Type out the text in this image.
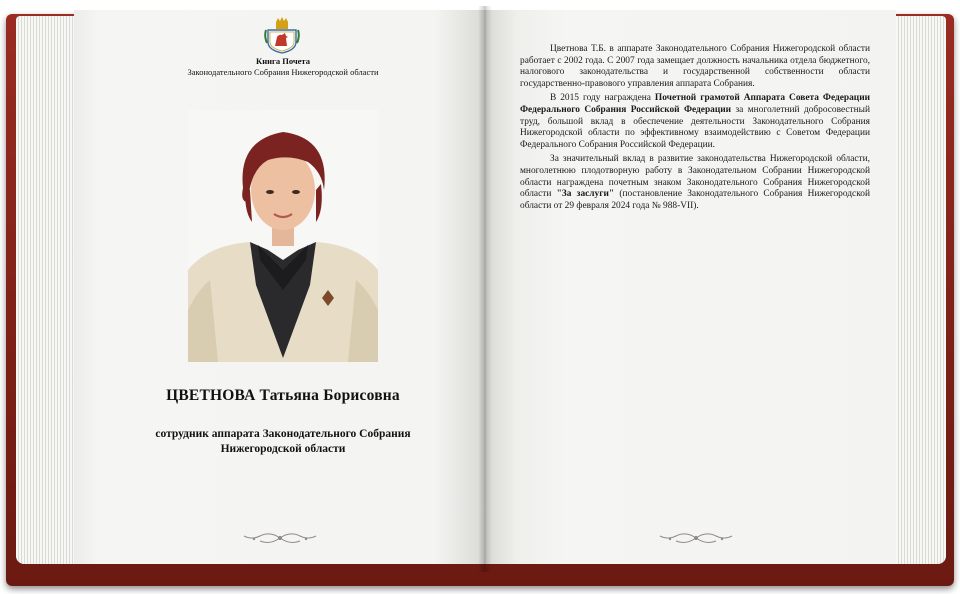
Книга Почета
Законодательного Собрания Нижегородской области
ЦВЕТНОВА Татьяна Борисовна
сотрудник аппарата Законодательного Собрания
Нижегородской области

Цветнова Т.Б. в аппарате Законодательного Собрания Нижегородской области работает с 2002 года. С 2007 года замещает должность начальника отдела бюджетного, налогового законодательства и государственной собственности области государственно-правового управления аппарата Собрания.

В 2015 году награждена Почетной грамотой Аппарата Совета Федерации Федерального Собрания Российской Федерации за многолетний добросовестный труд, большой вклад в обеспечение деятельности Законодательного Собрания Нижегородской области по эффективному взаимодействию с Советом Федерации Федерального Собрания Российской Федерации.

За значительный вклад в развитие законодательства Нижегородской области, многолетнюю плодотворную работу в Законодательном Собрании Нижегородской области награждена почетным знаком Законодательного Собрания Нижегородской области "За заслуги" (постановление Законодательного Собрания Нижегородской области от 29 февраля 2024 года № 988-VII).
